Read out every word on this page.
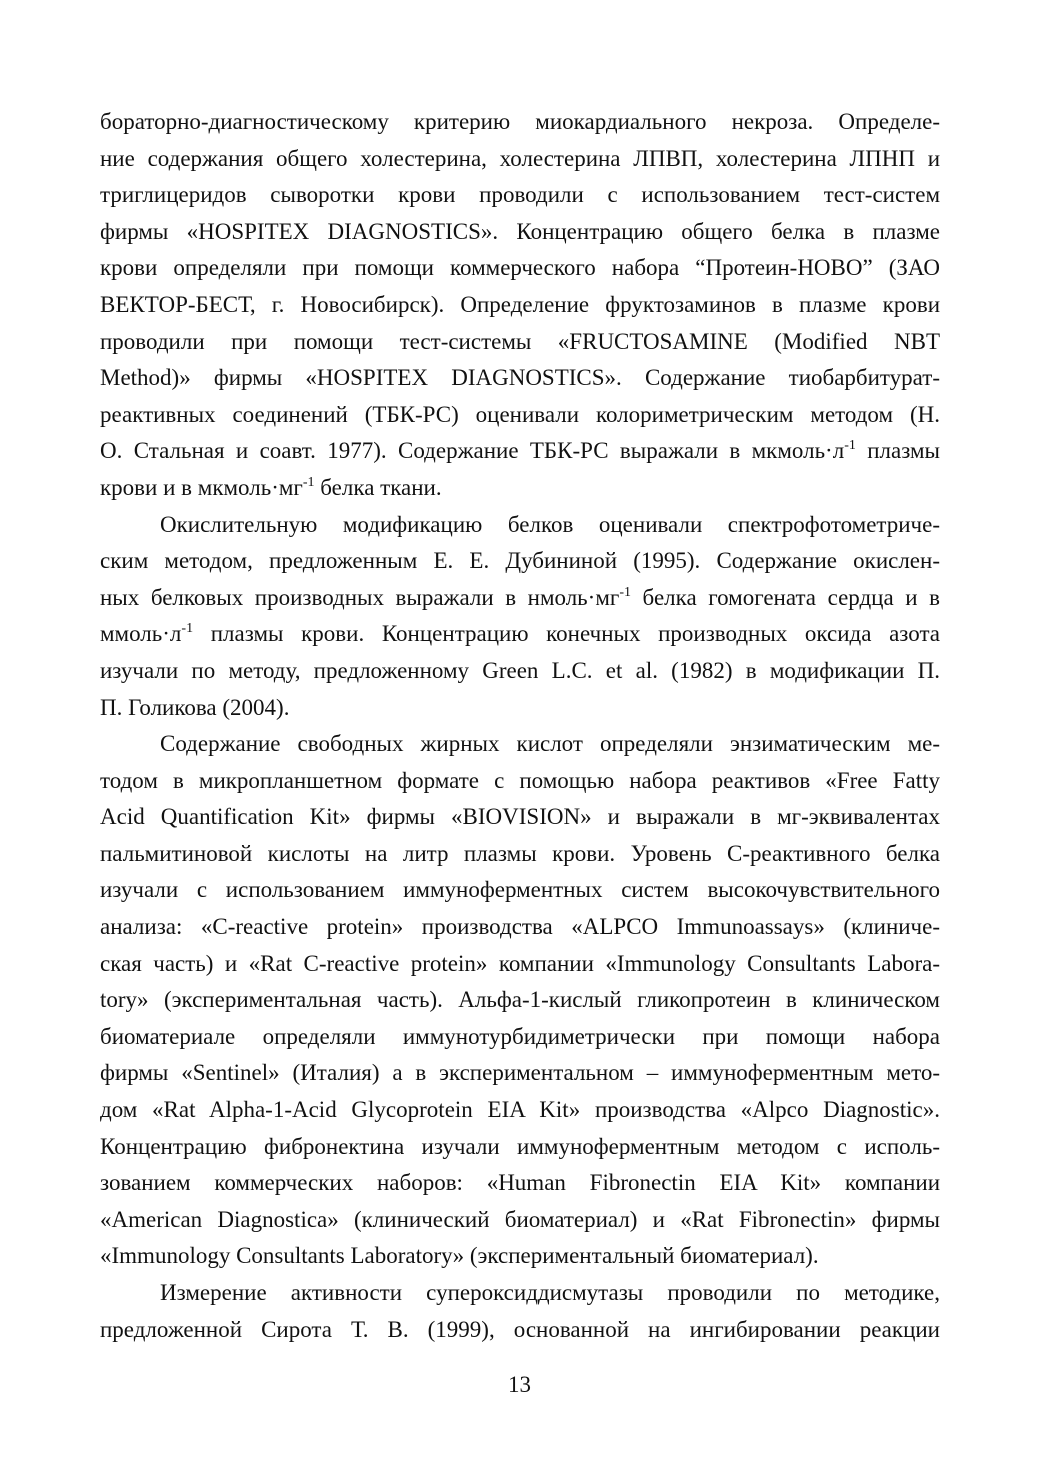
бораторно-диагностическому критерию миокардиального некроза. Определе-
ние содержания общего холестерина, холестерина ЛПВП, холестерина ЛПНП и
триглицеридов сыворотки крови проводили с использованием тест-систем
фирмы «HOSPITEX DIAGNOSTICS». Концентрацию общего белка в плазме
крови определяли при помощи коммерческого набора “Протеин-НОВО” (ЗАО
ВЕКТОР-БЕСТ, г. Новосибирск). Определение фруктозаминов в плазме крови
проводили при помощи тест-системы «FRUCTOSAMINE (Modified NBT
Method)» фирмы «HOSPITEX DIAGNOSTICS». Содержание тиобарбитурат-
реактивных соединений (ТБК-РС) оценивали колориметрическим методом (Н.
О. Стальная и соавт. 1977). Содержание ТБК-РС выражали в $мкмоль\cdot л^{-1}$ плазмы
крови и в $мкмоль\cdot мг^{-1}$ белка ткани.

Окислительную модификацию белков оценивали спектрофотометриче-
ским методом, предложенным Е. Е. Дубининой (1995). Содержание окислен-
ных белковых производных выражали в $нмоль\cdot мг^{-1}$ белка гомогената сердца и в
$ммоль\cdot л^{-1}$ плазмы крови. Концентрацию конечных производных оксида азота
изучали по методу, предложенному Green L.C. et al. (1982) в модификации П.
П. Голикова (2004).

Содержание свободных жирных кислот определяли энзиматическим ме-
тодом в микропланшетном формате с помощью набора реактивов «Free Fatty
Acid Quantification Kit» фирмы «BIOVISION» и выражали в мг-эквивалентах
пальмитиновой кислоты на литр плазмы крови. Уровень С-реактивного белка
изучали с использованием иммуноферментных систем высокочувствительного
анализа: «C-reactive protein» производства «ALPCO Immunoassays» (клиниче-
ская часть) и «Rat C-reactive protein» компании «Immunology Consultants Labora-
tory» (экспериментальная часть). Альфа-1-кислый гликопротеин в клиническом
биоматериале определяли иммунотурбидиметрически при помощи набора
фирмы «Sentinel» (Италия) а в экспериментальном – иммуноферментным мето-
дом «Rat Alpha-1-Acid Glycoprotein EIA Kit» производства «Alpco Diagnostic».
Концентрацию фибронектина изучали иммуноферментным методом с исполь-
зованием коммерческих наборов: «Human Fibronectin EIA Kit» компании
«American Diagnostica» (клинический биоматериал) и «Rat Fibronectin» фирмы
«Immunology Consultants Laboratory» (экспериментальный биоматериал).

Измерение активности супероксиддисмутазы проводили по методике,
предложенной Сирота Т. В. (1999), основанной на ингибировании реакции

13
